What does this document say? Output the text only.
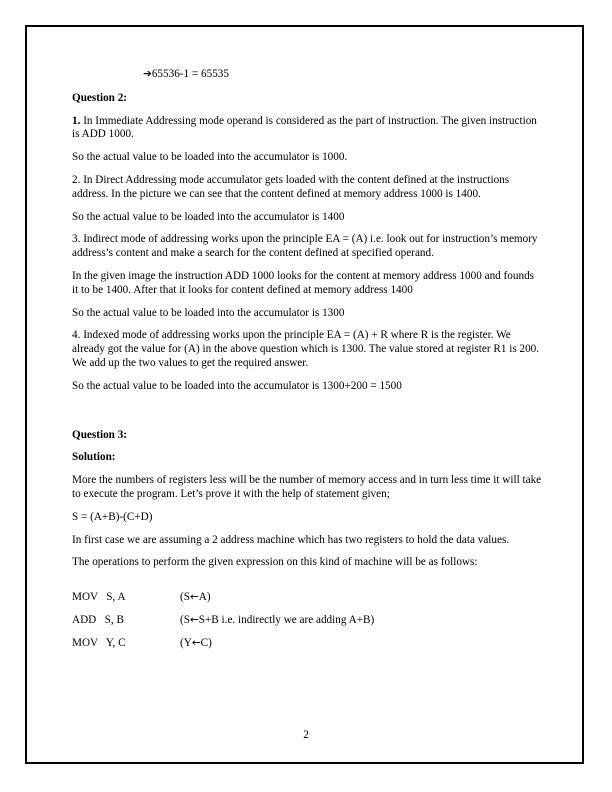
➔65536-1 = 65535

Question 2:

1. In Immediate Addressing mode operand is considered as the part of instruction. The given instruction is ADD 1000.

So the actual value to be loaded into the accumulator is 1000.

2. In Direct Addressing mode accumulator gets loaded with the content defined at the instructions address. In the picture we can see that the content defined at memory address 1000 is 1400.

So the actual value to be loaded into the accumulator is 1400

3. Indirect mode of addressing works upon the principle EA = (A) i.e. look out for instruction’s memory address’s content and make a search for the content defined at specified operand.

In the given image the instruction ADD 1000 looks for the content at memory address 1000 and founds it to be 1400. After that it looks for content defined at memory address 1400

So the actual value to be loaded into the accumulator is 1300

4. Indexed mode of addressing works upon the principle EA = (A) + R where R is the register. We already got the value for (A) in the above question which is 1300. The value stored at register R1 is 200. We add up the two values to get the required answer.

So the actual value to be loaded into the accumulator is 1300+200 = 1500

Question 3:

Solution:

More the numbers of registers less will be the number of memory access and in turn less time it will take to execute the program. Let’s prove it with the help of statement given;

S = (A+B)-(C+D)

In first case we are assuming a 2 address machine which has two registers to hold the data values.

The operations to perform the given expression on this kind of machine will be as follows:

MOV   S, A	(S←A)
ADD   S, B	(S←S+B i.e. indirectly we are adding A+B)
MOV   Y, C	(Y←C)
2
